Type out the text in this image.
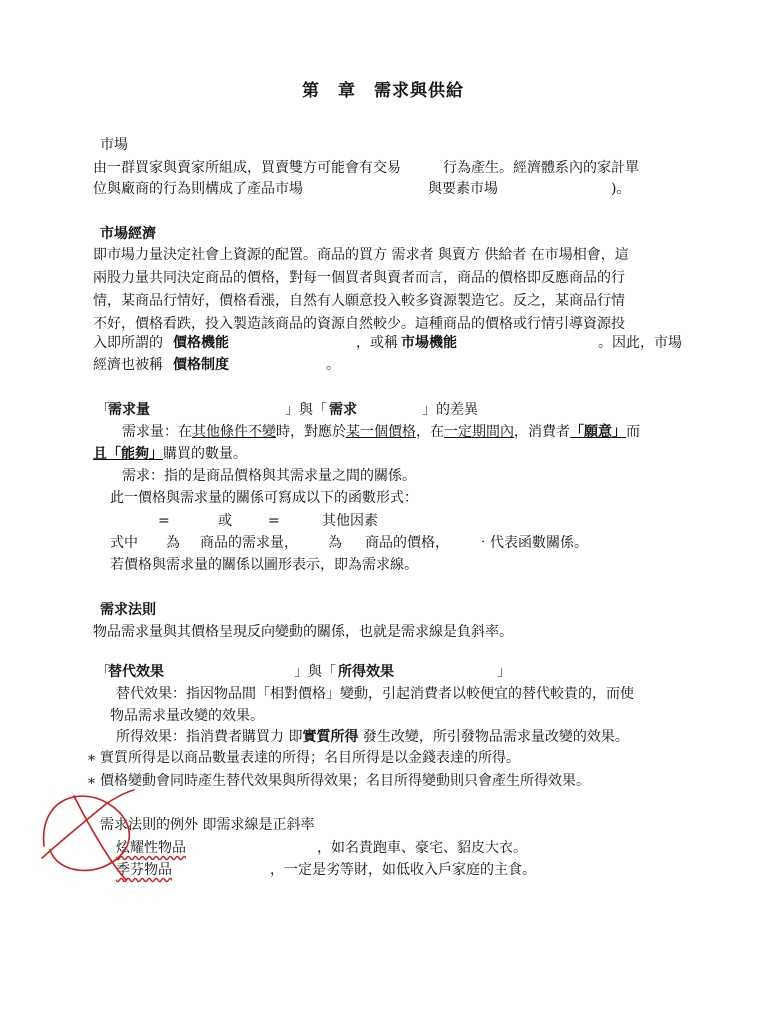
第　章 需求與供給
市場
由一群買家與賣家所組成，買賣雙方可能會有交易　　　行為產生。經濟體系內的家計單
位與廠商的行為則構成了產品市場	與要素市場	)。
市場經濟
即市場力量決定社會上資源的配置。商品的買方 需求者 與賣方 供給者 在市場相會，這
兩股力量共同決定商品的價格，對每一個買者與賣者而言，商品的價格即反應商品的行
情，某商品行情好，價格看漲，自然有人願意投入較多資源製造它。反之，某商品行情
不好，價格看跌，投入製造該商品的資源自然較少。這種商品的價格或行情引導資源投
入即所謂的 價格機能	，或稱 市場機能	。因此，市場
經濟也被稱 價格制度	。
「
需求量	」與「 需求	」的差異
需求量：在其他條件不變時，對應於某一個價格，在一定期間內，消費者「願意」而
且「能夠」購買的數量。
需求：指的是商品價格與其需求量之間的關係。
此一價格與需求量的關係可寫成以下的函數形式：
=	或	=	其他因素
式中 為 商品的需求量， 為 商品的價格， ‧代表函數關係。
若價格與需求量的關係以圖形表示，即為需求線。
需求法則
物品需求量與其價格呈現反向變動的關係，也就是需求線是負斜率。
「
替代效果	」與「 所得效果	」
替代效果：指因物品間「相對價格」變動，引起消費者以較便宜的替代較貴的，而使
物品需求量改變的效果。
所得效果：指消費者購買力 即實質所得 發生改變，所引發物品需求量改變的效果。
* 實質所得是以商品數量表達的所得；名目所得是以金錢表達的所得。
* 價格變動會同時產生替代效果與所得效果；名目所得變動則只會產生所得效果。
需求法則的例外 即需求線是正斜率
炫耀性物品	，如名貴跑車、豪宅、貂皮大衣。
季芬物品	，一定是劣等財，如低收入戶家庭的主食。
